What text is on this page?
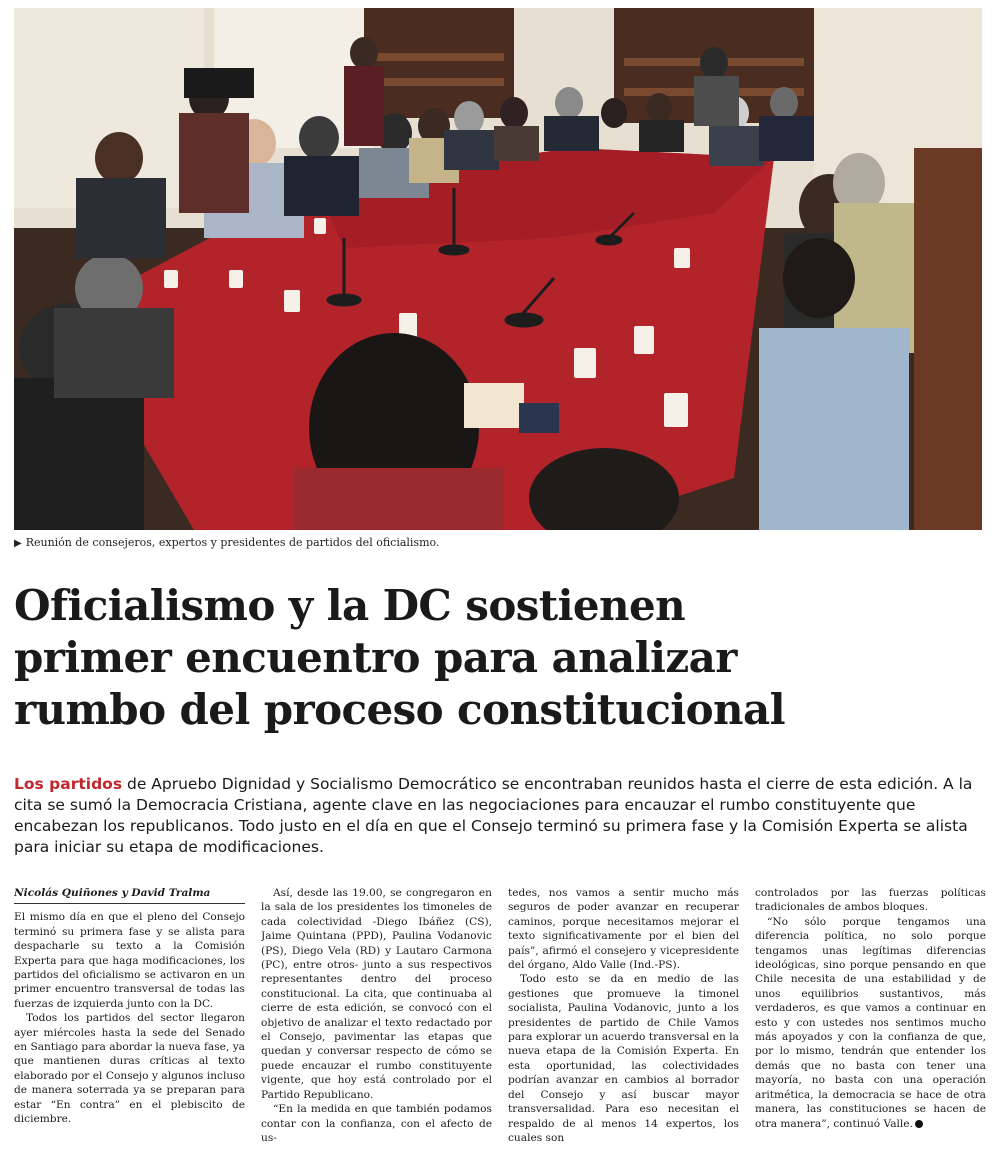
▶ Reunión de consejeros, expertos y presidentes de partidos del oficialismo.
Oficialismo y la DC sostienen
primer encuentro para analizar
rumbo del proceso constitucional

Los partidos de Apruebo Dignidad y Socialismo Democrático se encontraban reunidos hasta el cierre de esta edición. A la cita se sumó la Democracia Cristiana, agente clave en las negociaciones para encauzar el rumbo constituyente que encabezan los republicanos. Todo justo en el día en que el Consejo terminó su primera fase y la Comisión Experta se alista para iniciar su etapa de modificaciones.

Nicolás Quiñones y David Tralma

El mismo día en que el pleno del Consejo terminó su primera fase y se alista para despacharle su texto a la Comisión Experta para que haga modificaciones, los partidos del oficialismo se activaron en un primer encuentro transversal de todas las fuerzas de izquierda junto con la DC.

Todos los partidos del sector llegaron ayer miércoles hasta la sede del Senado en Santiago para abordar la nueva fase, ya que mantienen duras críticas al texto elaborado por el Consejo y algunos incluso de manera soterrada ya se preparan para estar “En contra” en el plebiscito de diciembre.

Así, desde las 19.00, se congregaron en la sala de los presidentes los timoneles de cada colectividad -Diego Ibáñez (CS), Jaime Quintana (PPD), Paulina Vodanovic (PS), Diego Vela (RD) y Lautaro Carmona (PC), entre otros- junto a sus respectivos representantes dentro del proceso constitucional. La cita, que continuaba al cierre de esta edición, se convocó con el objetivo de analizar el texto redactado por el Consejo, pavimentar las etapas que quedan y conversar respecto de cómo se puede encauzar el rumbo constituyente vigente, que hoy está controlado por el Partido Republicano.

“En la medida en que también podamos contar con la confianza, con el afecto de us-

tedes, nos vamos a sentir mucho más seguros de poder avanzar en recuperar caminos, porque necesitamos mejorar el texto significativamente por el bien del país”, afirmó el consejero y vicepresidente del órgano, Aldo Valle (Ind.-PS).

Todo esto se da en medio de las gestiones que promueve la timonel socialista, Paulina Vodanovic, junto a los presidentes de partido de Chile Vamos para explorar un acuerdo transversal en la nueva etapa de la Comisión Experta. En esta oportunidad, las colectividades podrían avanzar en cambios al borrador del Consejo y así buscar mayor transversalidad. Para eso necesitan el respaldo de al menos 14 expertos, los cuales son

controlados por las fuerzas políticas tradicionales de ambos bloques.

“No sólo porque tengamos una diferencia política, no solo porque tengamos unas legítimas diferencias ideológicas, sino porque pensando en que Chile necesita de una estabilidad y de unos equilibrios sustantivos, más verdaderos, es que vamos a continuar en esto y con ustedes nos sentimos mucho más apoyados y con la confianza de que, por lo mismo, tendrán que entender los demás que no basta con tener una mayoría, no basta con una operación aritmética, la democracia se hace de otra manera, las constituciones se hacen de otra manera”, continuó Valle.
